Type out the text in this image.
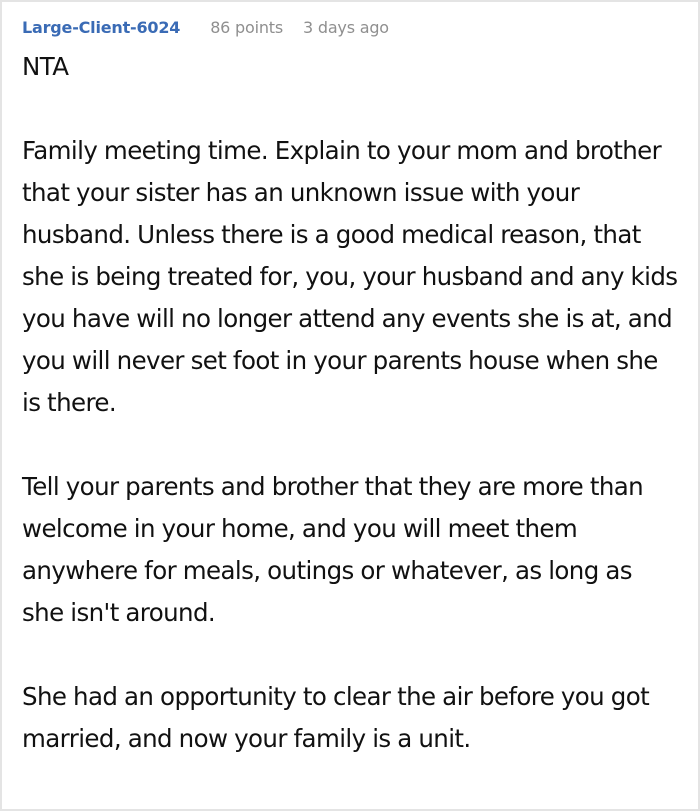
Large-Client-6024 86 points 3 days ago

NTA

Family meeting time. Explain to your mom and brother that your sister has an unknown issue with your husband. Unless there is a good medical reason, that she is being treated for, you, your husband and any kids you have will no longer attend any events she is at, and you will never set foot in your parents house when she is there.

Tell your parents and brother that they are more than welcome in your home, and you will meet them anywhere for meals, outings or whatever, as long as she isn't around.

She had an opportunity to clear the air before you got married, and now your family is a unit.
